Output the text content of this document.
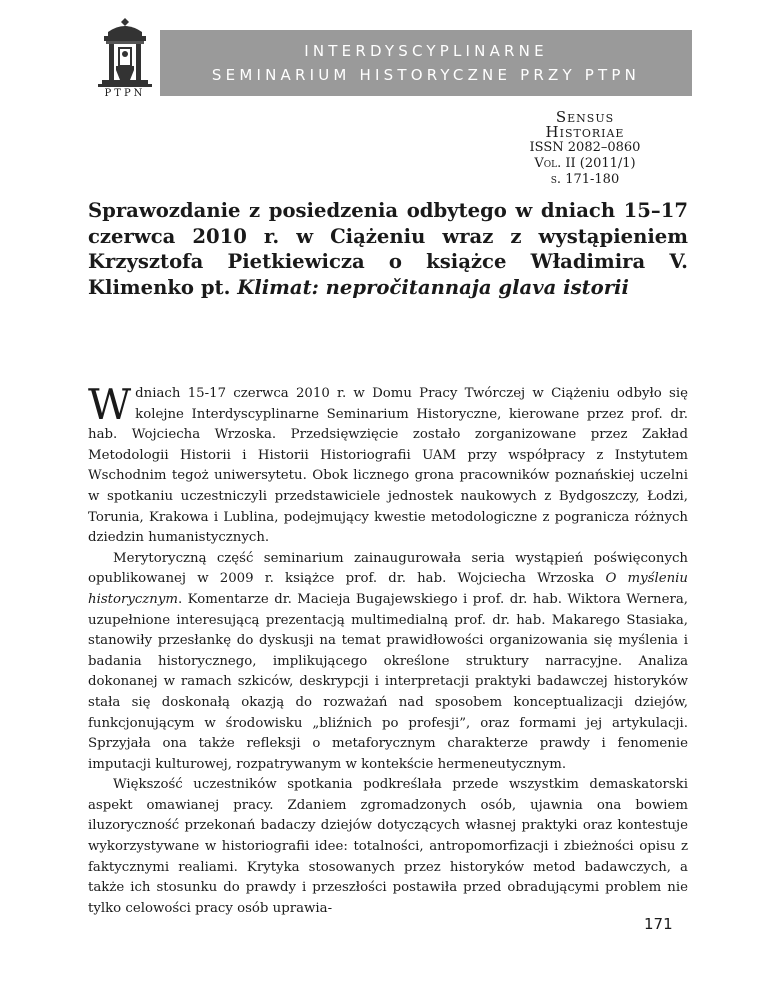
PTPN
INTERDYSCYPLINARNE
SEMINARIUM HISTORYCZNE PRZY PTPN
Sensus
Historiae
ISSN 2082–0860
Vol. II (2011/1)
s. 171-180
Sprawozdanie z posiedzenia odbytego w dniach 15–17 czerwca 2010 r. w Ciążeniu wraz z wystąpieniem Krzysztofa Pietkiewicza o książce Władimira V. Klimenko pt. Klimat: nepročitannaja glava istorii

Wdniach 15-17 czerwca 2010 r. w Domu Pracy Twórczej w Ciążeniu odbyło się kolejne Interdyscyplinarne Seminarium Historyczne, kierowane przez prof. dr. hab. Wojciecha Wrzoska. Przedsięwzięcie zostało zorganizowane przez Zakład Metodologii Historii i Historii Historiografii UAM przy współpracy z Instytutem Wschodnim tegoż uniwersytetu. Obok licznego grona pracowników poznańskiej uczelni w spotkaniu uczestniczyli przedstawiciele jednostek naukowych z Bydgoszczy, Łodzi, Torunia, Krakowa i Lublina, podejmujący kwestie metodologiczne z pogranicza różnych dziedzin humanistycznych.

Merytoryczną część seminarium zainaugurowała seria wystąpień poświęconych opublikowanej w 2009 r. książce prof. dr. hab. Wojciecha Wrzoska O myśleniu historycznym. Komentarze dr. Macieja Bugajewskiego i prof. dr. hab. Wiktora Wernera, uzupełnione interesującą prezentacją multimedialną prof. dr. hab. Makarego Stasiaka, stanowiły przesłankę do dyskusji na temat prawidłowości organizowania się myślenia i badania historycznego, implikującego określone struktury narracyjne. Analiza dokonanej w ramach szkiców, deskrypcji i interpretacji praktyki badawczej historyków stała się doskonałą okazją do rozważań nad sposobem konceptualizacji dziejów, funkcjonującym w środowisku „bliźnich po profesji”, oraz formami jej artykulacji. Sprzyjała ona także refleksji o metaforycznym charakterze prawdy i fenomenie imputacji kulturowej, rozpatrywanym w kontekście hermeneutycznym.

Większość uczestników spotkania podkreślała przede wszystkim demaskatorski aspekt omawianej pracy. Zdaniem zgromadzonych osób, ujawnia ona bowiem iluzoryczność przekonań badaczy dziejów dotyczących własnej praktyki oraz kontestuje wykorzystywane w historiografii idee: totalności, antropomorfizacji i zbieżności opisu z faktycznymi realiami. Krytyka stosowanych przez historyków metod badawczych, a także ich stosunku do prawdy i przeszłości postawiła przed obradującymi problem nie tylko celowości pracy osób uprawia-

171
